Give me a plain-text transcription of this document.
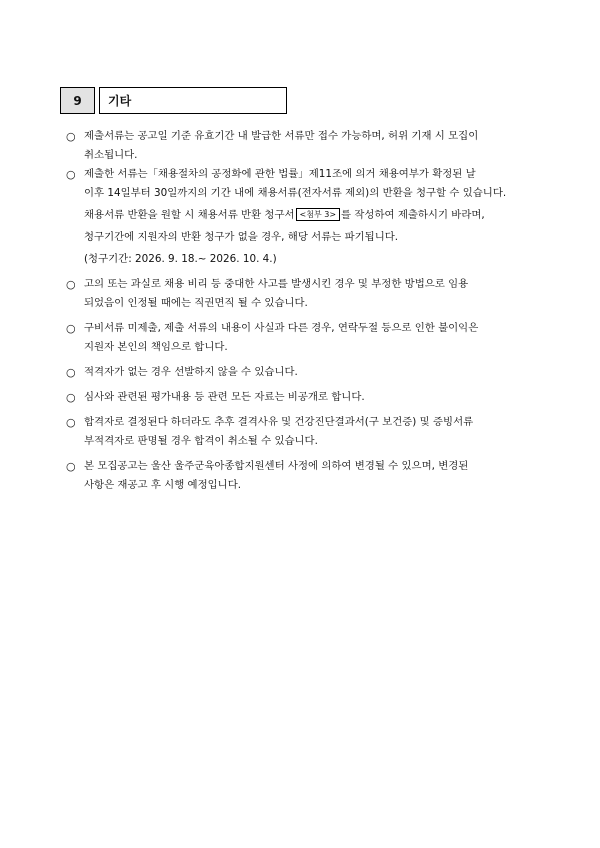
9	기타
○ 제출서류는 공고일 기준 유효기간 내 발급한 서류만 접수 가능하며, 허위 기재 시 모집이
취소됩니다.
○ 제출한 서류는「채용절차의 공정화에 관한 법률」제11조에 의거 채용여부가 확정된 날
이후 14일부터 30일까지의 기간 내에 채용서류(전자서류 제외)의 반환을 청구할 수 있습니다.
채용서류 반환을 원할 시 채용서류 반환 청구서 <첨부 3> 를 작성하여 제출하시기 바라며,
청구기간에 지원자의 반환 청구가 없을 경우, 해당 서류는 파기됩니다.
(청구기간: 2026. 9. 18.~ 2026. 10. 4.)
○ 고의 또는 과실로 채용 비리 등 중대한 사고를 발생시킨 경우 및 부정한 방법으로 임용
되었음이 인정될 때에는 직권면직 될 수 있습니다.
○ 구비서류 미제출, 제출 서류의 내용이 사실과 다른 경우, 연락두절 등으로 인한 불이익은
지원자 본인의 책임으로 합니다.
○ 적격자가 없는 경우 선발하지 않을 수 있습니다.
○ 심사와 관련된 평가내용 등 관련 모든 자료는 비공개로 합니다.
○ 합격자로 결정된다 하더라도 추후 결격사유 및 건강진단결과서(구 보건증) 및 증빙서류
부적격자로 판명될 경우 합격이 취소될 수 있습니다.
○ 본 모집공고는 울산 울주군육아종합지원센터 사정에 의하여 변경될 수 있으며, 변경된
사항은 재공고 후 시행 예정입니다.
